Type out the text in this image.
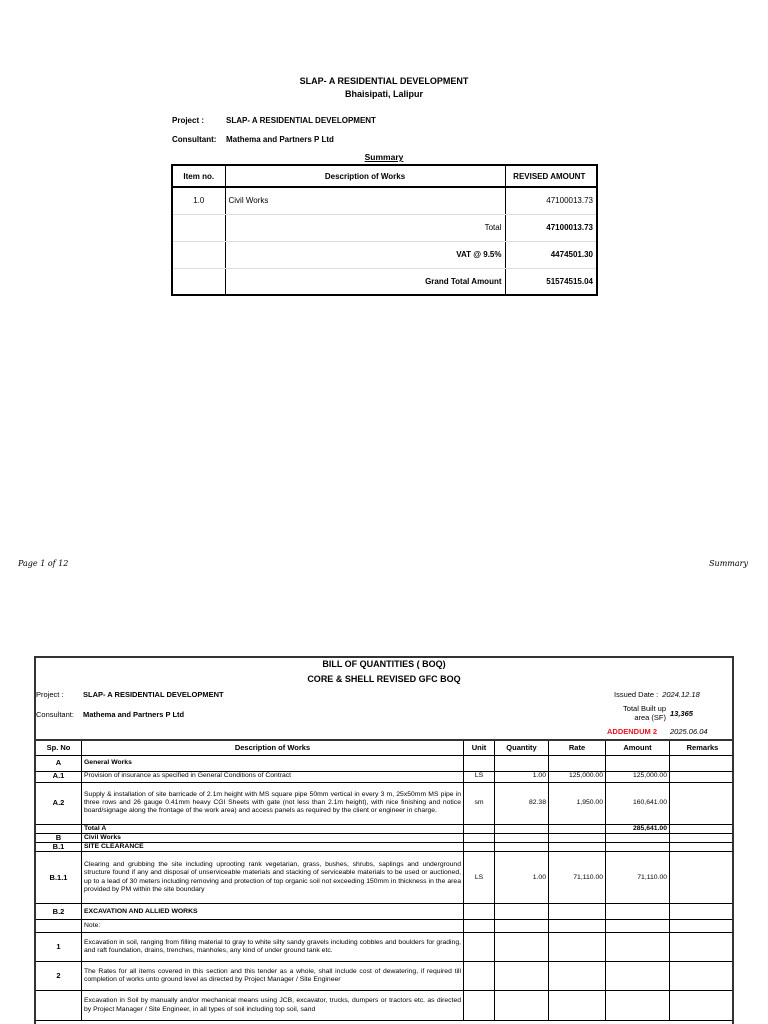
SLAP- A RESIDENTIAL DEVELOPMENT
Bhaisipati, Lalipur
Project :	SLAP- A RESIDENTIAL DEVELOPMENT
Consultant: Mathema and Partners P Ltd
Summary
Item no.	Description of Works	REVISED AMOUNT
1.0	Civil Works	47100013.73
	Total	47100013.73
	VAT @ 9.5%	4474501.30
	Grand Total Amount	51574515.04
Page 1 of 12	Summary
BILL OF QUANTITIES ( BOQ)
CORE & SHELL REVISED GFC BOQ
Project :	SLAP- A RESIDENTIAL DEVELOPMENT
Consultant: Mathema and Partners P Ltd
Issued Date : 2024.12.18
Total Built up
area (SF) 13,365
ADDENDUM 2 2025.06.04
Sp. No	Description of Works	Unit	Quantity	Rate	Amount	Remarks
A	General Works					
A.1	Provision of insurance as specified in General Conditions of Contract	LS	1.00	125,000.00	125,000.00	
A.2	Supply & installation of site barricade of 2.1m height with MS square pipe 50mm vertical in every 3 m, 25x50mm MS pipe in three rows and 26 gauge 0.41mm heavy CGI Sheets with gate (not less than 2.1m height), with nice finishing and notice board/signage along the frontage of the work area) and access panels as required by the client or engineer in charge.	sm	82.38	1,950.00	160,641.00	
	Total A				285,641.00	
B	Civil Works					
B.1	SITE CLEARANCE					
B.1.1	Clearing and grubbing the site including uprooting rank vegetarian, grass, bushes, shrubs, saplings and underground structure found if any and disposal of unserviceable materials and stacking of serviceable materials to be used or auctioned, up to a lead of 30 meters including removing and protection of top organic soil not exceeding 150mm in thickness in the area provided by PM within the site boundary	LS	1.00	71,110.00	71,110.00	
B.2	EXCAVATION AND ALLIED WORKS					
	Note:					
1	Excavation in soil, ranging from filling material to gray to white silty sandy gravels including cobbles and boulders for grading, and raft foundation, drains, trenches, manholes, any kind of under ground tank etc.					
2	The Rates for all items covered in this section and this tender as a whole, shall include cost of dewatering, if required till completion of works unto ground level as directed by Project Manager / Site Engineer					
	Excavation in Soil by manually and/or mechanical means using JCB, excavator, trucks, dumpers or tractors etc. as directed by Project Manager / Site Engineer, in all types of soil including top soil, sand					
